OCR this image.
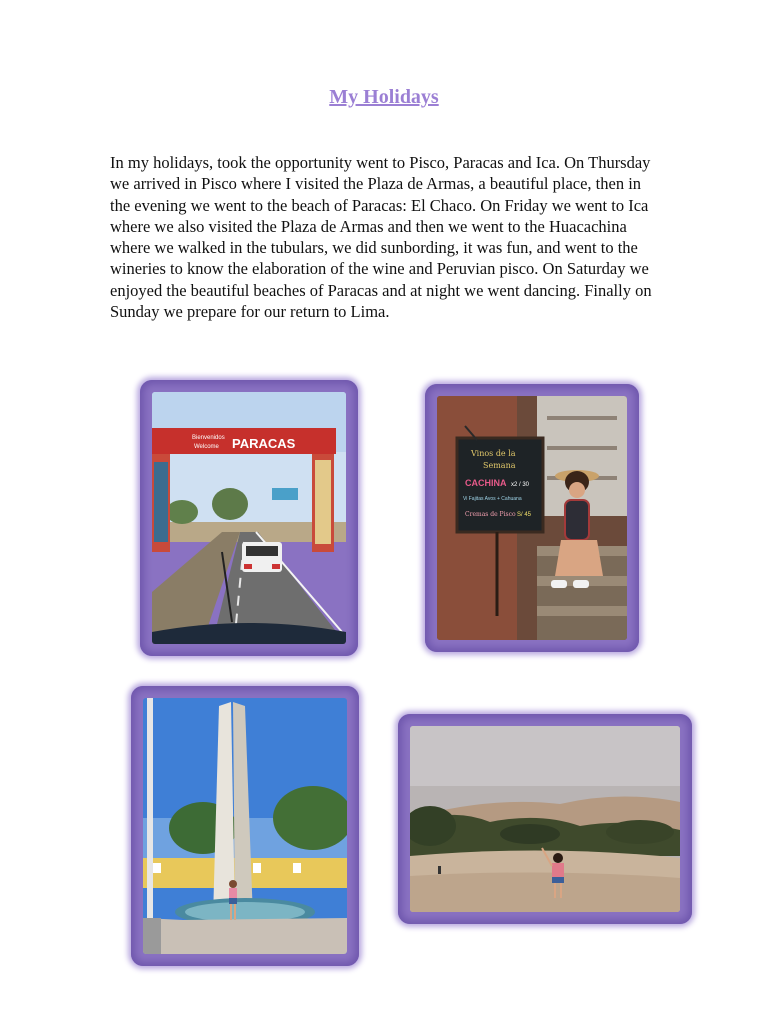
My Holidays

In my holidays, took the opportunity went to Pisco, Paracas and Ica. On Thursday we arrived in Pisco where I visited the Plaza de Armas, a beautiful place, then in the evening we went to the beach of Paracas: El Chaco. On Friday we went to Ica where we also visited the Plaza de Armas and then we went to the Huacachina where we walked in the tubulars, we did sunbording, it was fun, and went to the wineries to know the elaboration of the wine and Peruvian pisco. On Saturday we enjoyed the beautiful beaches of Paracas and at night we went dancing. Finally on Sunday we prepare for our return to Lima.

Bienvenidos
Welcome PARACAS
Vinos de la
Semana
CACHINA x2 / 30
Vi Fajitas Avos + Cahuana
Cremas de Pisco S/ 45
